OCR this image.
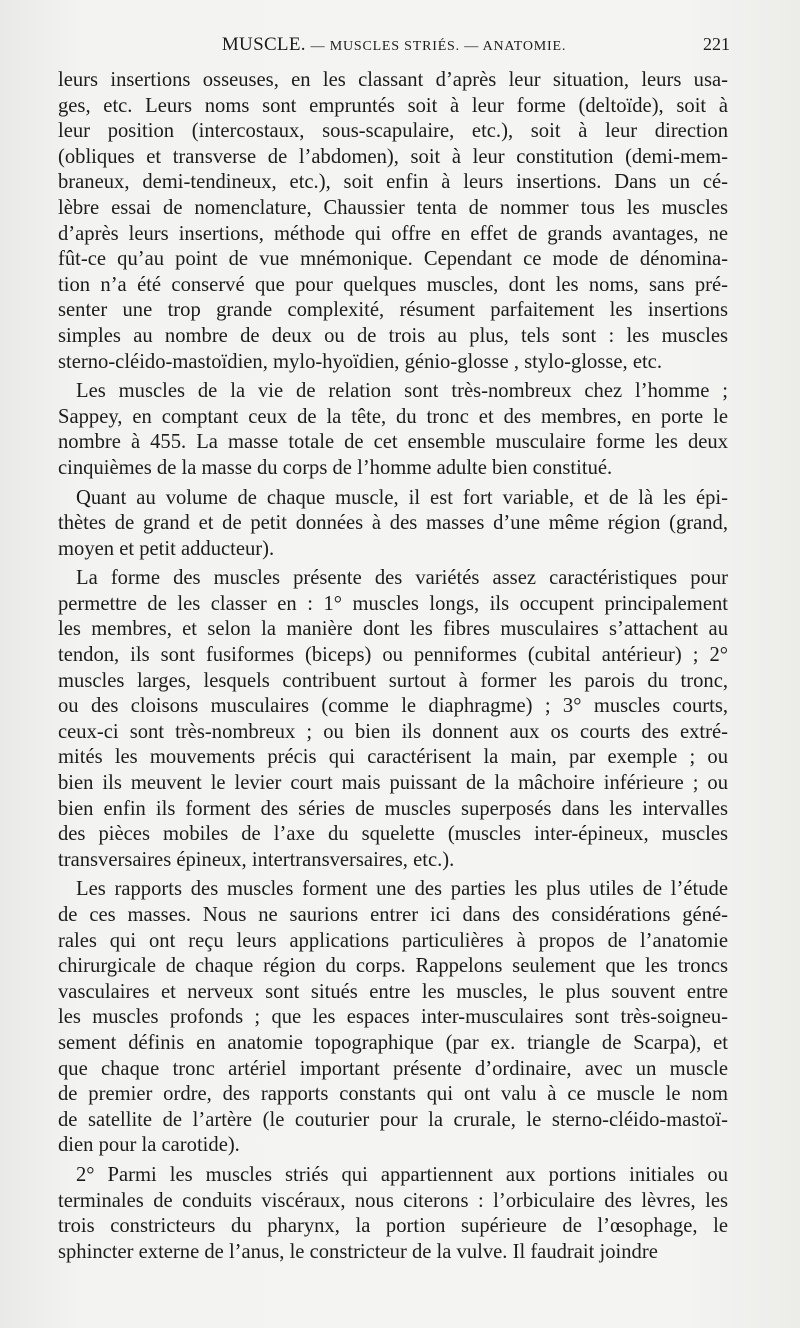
MUSCLE. — MUSCLES STRIÉS. — ANATOMIE.	221
leurs insertions osseuses, en les classant d’après leur situation, leurs usa-
ges, etc. Leurs noms sont empruntés soit à leur forme (deltoïde), soit à
leur position (intercostaux, sous-scapulaire, etc.), soit à leur direction
(obliques et transverse de l’abdomen), soit à leur constitution (demi-mem-
braneux, demi-tendineux, etc.), soit enfin à leurs insertions. Dans un cé-
lèbre essai de nomenclature, Chaussier tenta de nommer tous les muscles
d’après leurs insertions, méthode qui offre en effet de grands avantages, ne
fût-ce qu’au point de vue mnémonique. Cependant ce mode de dénomina-
tion n’a été conservé que pour quelques muscles, dont les noms, sans pré-
senter une trop grande complexité, résument parfaitement les insertions
simples au nombre de deux ou de trois au plus, tels sont : les muscles
sterno-cléido-mastoïdien, mylo-hyoïdien, génio-glosse , stylo-glosse, etc.
Les muscles de la vie de relation sont très-nombreux chez l’homme ;
Sappey, en comptant ceux de la tête, du tronc et des membres, en porte le
nombre à 455. La masse totale de cet ensemble musculaire forme les deux
cinquièmes de la masse du corps de l’homme adulte bien constitué.
Quant au volume de chaque muscle, il est fort variable, et de là les épi-
thètes de grand et de petit données à des masses d’une même région (grand,
moyen et petit adducteur).
La forme des muscles présente des variétés assez caractéristiques pour
permettre de les classer en : 1° muscles longs, ils occupent principalement
les membres, et selon la manière dont les fibres musculaires s’attachent au
tendon, ils sont fusiformes (biceps) ou penniformes (cubital antérieur) ; 2°
muscles larges, lesquels contribuent surtout à former les parois du tronc,
ou des cloisons musculaires (comme le diaphragme) ; 3° muscles courts,
ceux-ci sont très-nombreux ; ou bien ils donnent aux os courts des extré-
mités les mouvements précis qui caractérisent la main, par exemple ; ou
bien ils meuvent le levier court mais puissant de la mâchoire inférieure ; ou
bien enfin ils forment des séries de muscles superposés dans les intervalles
des pièces mobiles de l’axe du squelette (muscles inter-épineux, muscles
transversaires épineux, intertransversaires, etc.).
Les rapports des muscles forment une des parties les plus utiles de l’étude
de ces masses. Nous ne saurions entrer ici dans des considérations géné-
rales qui ont reçu leurs applications particulières à propos de l’anatomie
chirurgicale de chaque région du corps. Rappelons seulement que les troncs
vasculaires et nerveux sont situés entre les muscles, le plus souvent entre
les muscles profonds ; que les espaces inter-musculaires sont très-soigneu-
sement définis en anatomie topographique (par ex. triangle de Scarpa), et
que chaque tronc artériel important présente d’ordinaire, avec un muscle
de premier ordre, des rapports constants qui ont valu à ce muscle le nom
de satellite de l’artère (le couturier pour la crurale, le sterno-cléido-mastoï-
dien pour la carotide).
2° Parmi les muscles striés qui appartiennent aux portions initiales ou
terminales de conduits viscéraux, nous citerons : l’orbiculaire des lèvres, les
trois constricteurs du pharynx, la portion supérieure de l’œsophage, le
sphincter externe de l’anus, le constricteur de la vulve. Il faudrait joindre
